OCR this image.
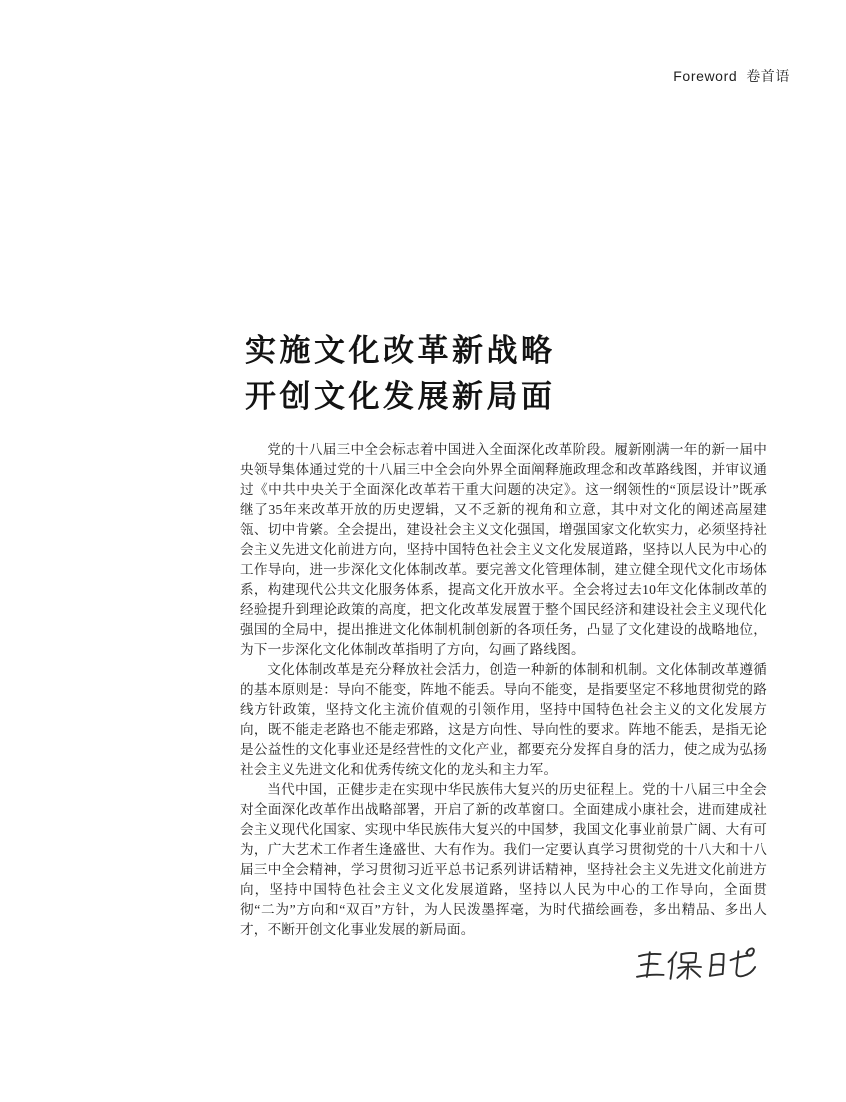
Foreword  卷首语

实施文化改革新战略
开创文化发展新局面

党的十八届三中全会标志着中国进入全面深化改革阶段。履新刚满一年的新一届中央领导集体通过党的十八届三中全会向外界全面阐释施政理念和改革路线图，并审议通过《中共中央关于全面深化改革若干重大问题的决定》。这一纲领性的“顶层设计”既承继了35年来改革开放的历史逻辑，又不乏新的视角和立意，其中对文化的阐述高屋建瓴、切中肯綮。全会提出，建设社会主义文化强国，增强国家文化软实力，必须坚持社会主义先进文化前进方向，坚持中国特色社会主义文化发展道路，坚持以人民为中心的工作导向，进一步深化文化体制改革。要完善文化管理体制，建立健全现代文化市场体系，构建现代公共文化服务体系，提高文化开放水平。全会将过去10年文化体制改革的经验提升到理论政策的高度，把文化改革发展置于整个国民经济和建设社会主义现代化强国的全局中，提出推进文化体制机制创新的各项任务，凸显了文化建设的战略地位，为下一步深化文化体制改革指明了方向，勾画了路线图。

文化体制改革是充分释放社会活力，创造一种新的体制和机制。文化体制改革遵循的基本原则是：导向不能变，阵地不能丢。导向不能变，是指要坚定不移地贯彻党的路线方针政策，坚持文化主流价值观的引领作用，坚持中国特色社会主义的文化发展方向，既不能走老路也不能走邪路，这是方向性、导向性的要求。阵地不能丢，是指无论是公益性的文化事业还是经营性的文化产业，都要充分发挥自身的活力，使之成为弘扬社会主义先进文化和优秀传统文化的龙头和主力军。

当代中国，正健步走在实现中华民族伟大复兴的历史征程上。党的十八届三中全会对全面深化改革作出战略部署，开启了新的改革窗口。全面建成小康社会，进而建成社会主义现代化国家、实现中华民族伟大复兴的中国梦，我国文化事业前景广阔、大有可为，广大艺术工作者生逢盛世、大有作为。我们一定要认真学习贯彻党的十八大和十八届三中全会精神，学习贯彻习近平总书记系列讲话精神，坚持社会主义先进文化前进方向，坚持中国特色社会主义文化发展道路，坚持以人民为中心的工作导向，全面贯彻“二为”方向和“双百”方针，为人民泼墨挥毫，为时代描绘画卷，多出精品、多出人才，不断开创文化事业发展的新局面。
